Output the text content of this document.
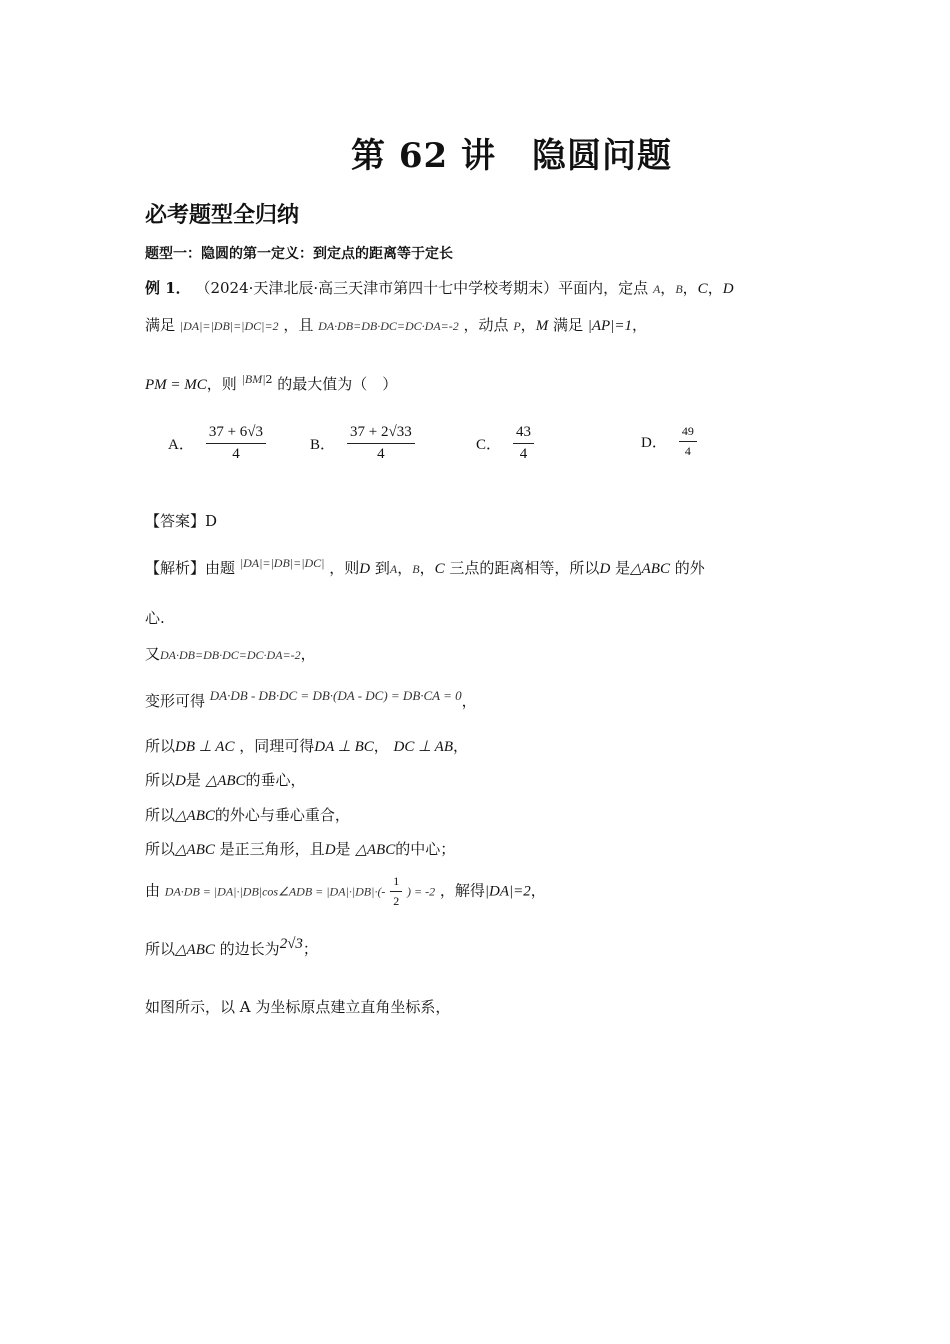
第 62 讲 隐圆问题
必考题型全归纳
题型一：隐圆的第一定义：到定点的距离等于定长
例 1． （2024·天津北辰·高三天津市第四十七中学校考期末）平面内，定点 A，B，C，D
满足 |DA|=|DB|=|DC|=2 ，且 DA·DB=DB·DC=DC·DA=-2 ，动点 P，M 满足 |AP|=1，
PM = MC，则 $^{|BM|2}$ 的最大值为（　）
A． $\frac{37 + 6√3}{4}$	B． $\frac{37 + 2√33}{4}$	C． $\frac{43}{4}$	D． $\frac{49}{4}$
【答案】D
【解析】由题 $^{|DA|=|DB|=|DC|}$ ，则D 到A，B，C 三点的距离相等，所以D 是△ABC 的外
心.
又DA·DB=DB·DC=DC·DA=-2，
变形可得 DA·DB - DB·DC = DB·(DA - DC) = DB·CA = 0，
所以DB ⊥ AC ，同理可得DA ⊥ BC， DC ⊥ AB，
所以D是 △ABC的垂心，
所以△ABC的外心与垂心重合，
所以△ABC 是正三角形，且D是 △ABC的中心；
由 DA·DB = |DA|·|DB|cos∠ADB = $|DA|\cdot|DB|\cdot(- \frac{1}{2}$ ) = -2 ，解得|DA|=2，
所以△ABC 的边长为2√3；
如图所示，以 A 为坐标原点建立直角坐标系，
